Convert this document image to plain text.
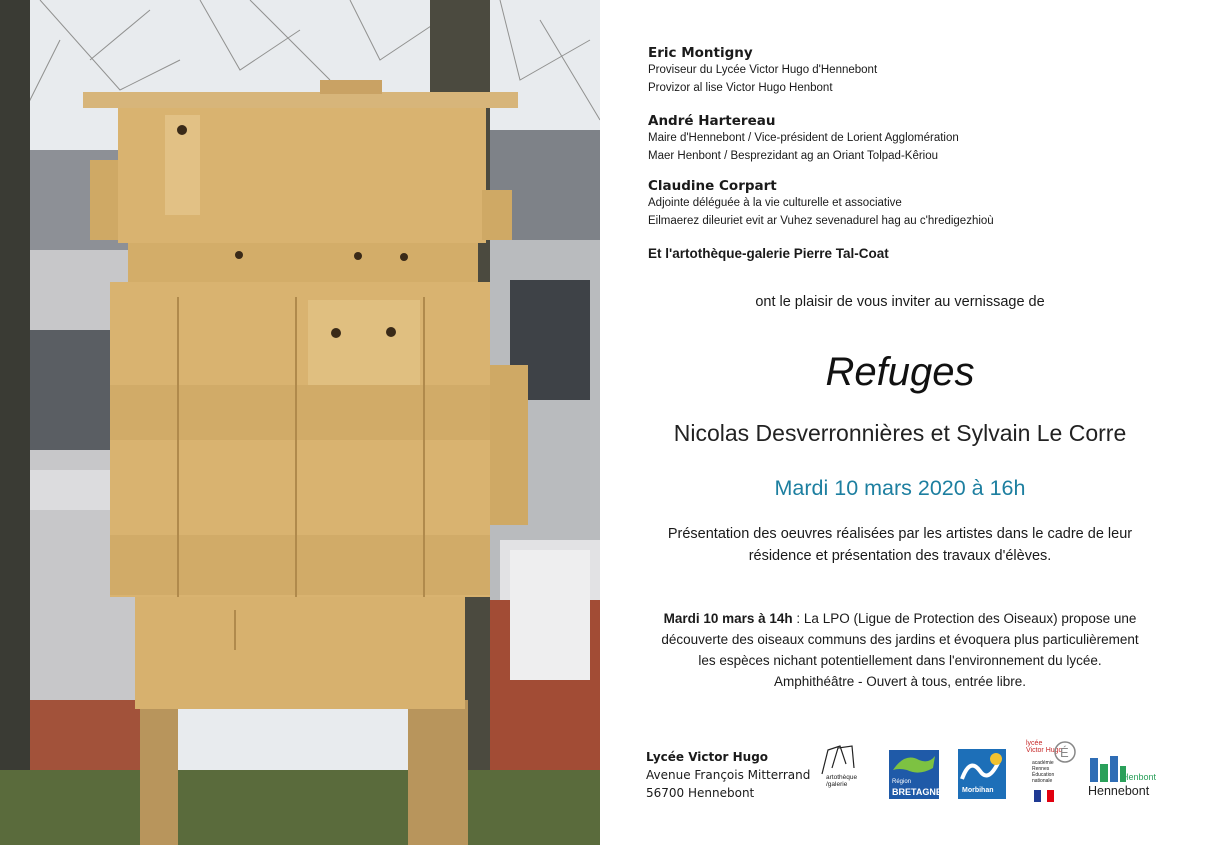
Eric Montigny
Proviseur du Lycée Victor Hugo d'Hennebont
Provizor al lise Victor Hugo Henbont
André Hartereau
Maire d'Hennebont / Vice-président de Lorient Agglomération
Maer Henbont / Besprezidant ag an Oriant Tolpad-Kêriou
Claudine Corpart
Adjointe déléguée à la vie culturelle et associative
Eilmaerez dileuriet evit ar Vuhez sevenadurel hag au c'hredigezhioù
Et l'artothèque-galerie Pierre Tal-Coat
ont le plaisir de vous inviter au vernissage de
Refuges
Nicolas Desverronnières et Sylvain Le Corre
Mardi 10 mars 2020 à 16h
Présentation des oeuvres réalisées par les artistes dans le cadre de leur
résidence et présentation des travaux d'élèves.
Mardi 10 mars à 14h : La LPO (Ligue de Protection des Oiseaux) propose une
découverte des oiseaux communs des jardins et évoquera plus particulièrement
les espèces nichant potentiellement dans l'environnement du lycée.
Amphithéâtre - Ouvert à tous, entrée libre.
Lycée Victor Hugo
Avenue François Mitterrand
56700 Hennebont
artothèque
/galerie	Région
BRETAGNE	Morbihan
lycée
Victor Hugo
É
académie
Rennes
Éducation
nationale	Henbont
Hennebont
